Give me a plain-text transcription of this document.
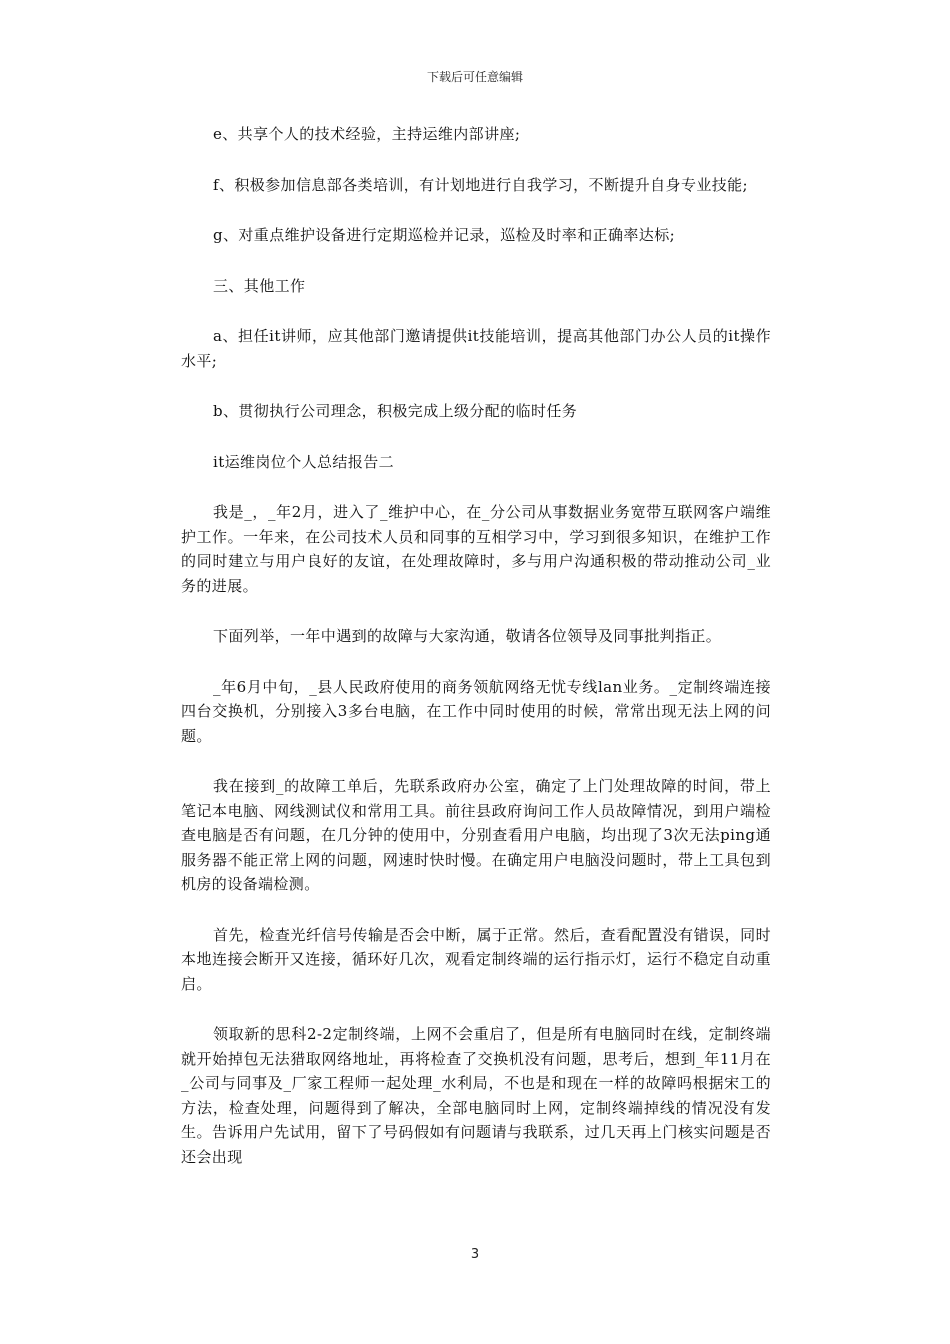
下载后可任意编辑

e、共享个人的技术经验，主持运维内部讲座;

f、积极参加信息部各类培训，有计划地进行自我学习，不断提升自身专业技能;

g、对重点维护设备进行定期巡检并记录，巡检及时率和正确率达标;

三、其他工作

a、担任it讲师，应其他部门邀请提供it技能培训，提高其他部门办公人员的it操作水平;

b、贯彻执行公司理念，积极完成上级分配的临时任务

it运维岗位个人总结报告二

我是_，_年2月，进入了_维护中心，在_分公司从事数据业务宽带互联网客户端维护工作。一年来，在公司技术人员和同事的互相学习中，学习到很多知识，在维护工作的同时建立与用户良好的友谊，在处理故障时，多与用户沟通积极的带动推动公司_业务的进展。

下面列举，一年中遇到的故障与大家沟通，敬请各位领导及同事批判指正。

_年6月中旬，_县人民政府使用的商务领航网络无忧专线lan业务。_定制终端连接四台交换机，分别接入3多台电脑，在工作中同时使用的时候，常常出现无法上网的问题。

我在接到_的故障工单后，先联系政府办公室，确定了上门处理故障的时间，带上笔记本电脑、网线测试仪和常用工具。前往县政府询问工作人员故障情况，到用户端检查电脑是否有问题，在几分钟的使用中，分别查看用户电脑，均出现了3次无法ping通服务器不能正常上网的问题，网速时快时慢。在确定用户电脑没问题时，带上工具包到机房的设备端检测。

首先，检查光纤信号传输是否会中断，属于正常。然后，查看配置没有错误，同时本地连接会断开又连接，循环好几次，观看定制终端的运行指示灯，运行不稳定自动重启。

领取新的思科2-2定制终端，上网不会重启了，但是所有电脑同时在线，定制终端就开始掉包无法猎取网络地址，再将检查了交换机没有问题，思考后，想到_年11月在_公司与同事及_厂家工程师一起处理_水利局，不也是和现在一样的故障吗根据宋工的方法，检查处理，问题得到了解决，全部电脑同时上网，定制终端掉线的情况没有发生。告诉用户先试用，留下了号码假如有问题请与我联系，过几天再上门核实问题是否还会出现

3
